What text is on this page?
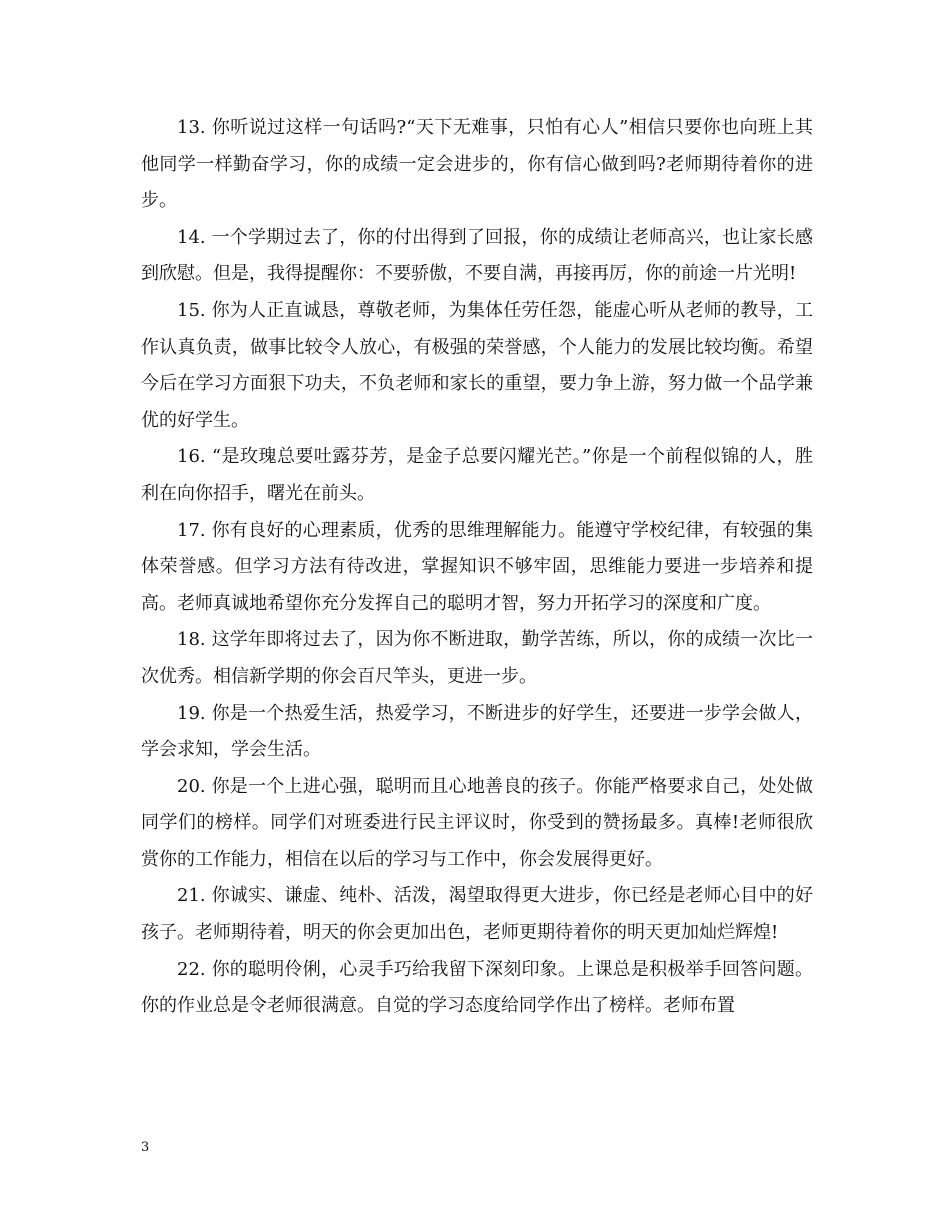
13. 你听说过这样一句话吗?“天下无难事，只怕有心人”相信只要你也向班上其他同学一样勤奋学习，你的成绩一定会进步的，你有信心做到吗?老师期待着你的进步。

14. 一个学期过去了，你的付出得到了回报，你的成绩让老师高兴，也让家长感到欣慰。但是，我得提醒你：不要骄傲，不要自满，再接再厉，你的前途一片光明!

15. 你为人正直诚恳，尊敬老师，为集体任劳任怨，能虚心听从老师的教导，工作认真负责，做事比较令人放心，有极强的荣誉感，个人能力的发展比较均衡。希望今后在学习方面狠下功夫，不负老师和家长的重望，要力争上游，努力做一个品学兼优的好学生。

16. “是玫瑰总要吐露芬芳，是金子总要闪耀光芒。”你是一个前程似锦的人，胜利在向你招手，曙光在前头。

17. 你有良好的心理素质，优秀的思维理解能力。能遵守学校纪律，有较强的集体荣誉感。但学习方法有待改进，掌握知识不够牢固，思维能力要进一步培养和提高。老师真诚地希望你充分发挥自己的聪明才智，努力开拓学习的深度和广度。

18. 这学年即将过去了，因为你不断进取，勤学苦练，所以，你的成绩一次比一次优秀。相信新学期的你会百尺竿头，更进一步。

19. 你是一个热爱生活，热爱学习，不断进步的好学生，还要进一步学会做人，学会求知，学会生活。

20. 你是一个上进心强，聪明而且心地善良的孩子。你能严格要求自己，处处做同学们的榜样。同学们对班委进行民主评议时，你受到的赞扬最多。真棒!老师很欣赏你的工作能力，相信在以后的学习与工作中，你会发展得更好。

21. 你诚实、谦虚、纯朴、活泼，渴望取得更大进步，你已经是老师心目中的好孩子。老师期待着，明天的你会更加出色，老师更期待着你的明天更加灿烂辉煌!

22. 你的聪明伶俐，心灵手巧给我留下深刻印象。上课总是积极举手回答问题。你的作业总是令老师很满意。自觉的学习态度给同学作出了榜样。老师布置

3
